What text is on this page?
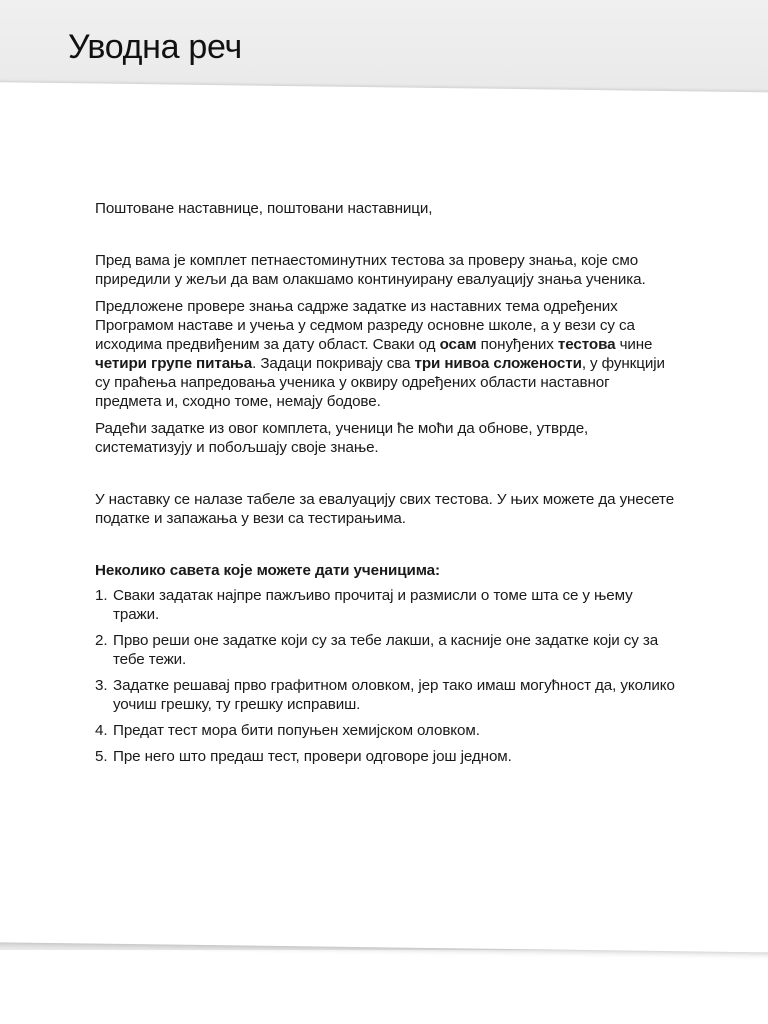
Уводна реч

Поштоване наставнице, поштовани наставници,

Пред вама је комплет петнаестоминутних тестова за проверу знања, које смо приредили у жељи да вам олакшамо континуирану евалуацију знања ученика.

Предложене провере знања садрже задатке из наставних тема одређених Програмом наставе и учења у седмом разреду основне школе, а у вези су са исходима предвиђеним за дату област. Сваки од осам понуђених тестова чине четири групе питања. Задаци покривају сва три нивоа сложености, у функцији су праћења напредовања ученика у оквиру одређених области наставног предмета и, сходно томе, немају бодове.

Радећи задатке из овог комплета, ученици ће моћи да обнове, утврде, систематизују и побољшају своје знање.

У наставку се налазе табеле за евалуацију свих тестова. У њих можете да унесете податке и запажања у вези са тестирањима.

Неколико савета које можете дати ученицима:

1. Сваки задатак најпре пажљиво прочитај и размисли о томе шта се у њему тражи.
2. Прво реши оне задатке који су за тебе лакши, а касније оне задатке који су за тебе тежи.
3. Задатке решавај прво графитном оловком, јер тако имаш могућност да, уколико уочиш грешку, ту грешку исправиш.
4. Предат тест мора бити попуњен хемијском оловком.
5. Пре него што предаш тест, провери одговоре још једном.
